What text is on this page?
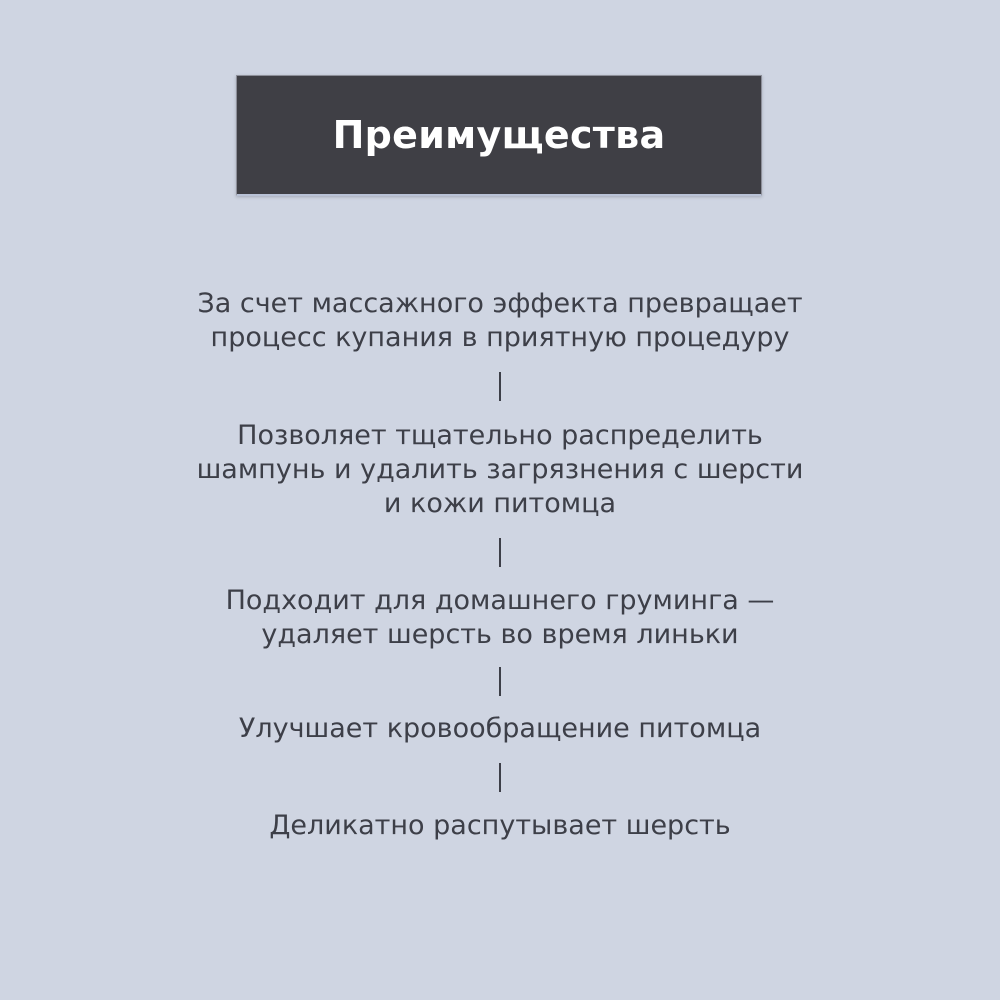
Преимущества
За счет массажного эффекта превращает
процесс купания в приятную процедуру
Позволяет тщательно распределить
шампунь и удалить загрязнения с шерсти
и кожи питомца
Подходит для домашнего груминга —
удаляет шерсть во время линьки
Улучшает кровообращение питомца
Деликатно распутывает шерсть
